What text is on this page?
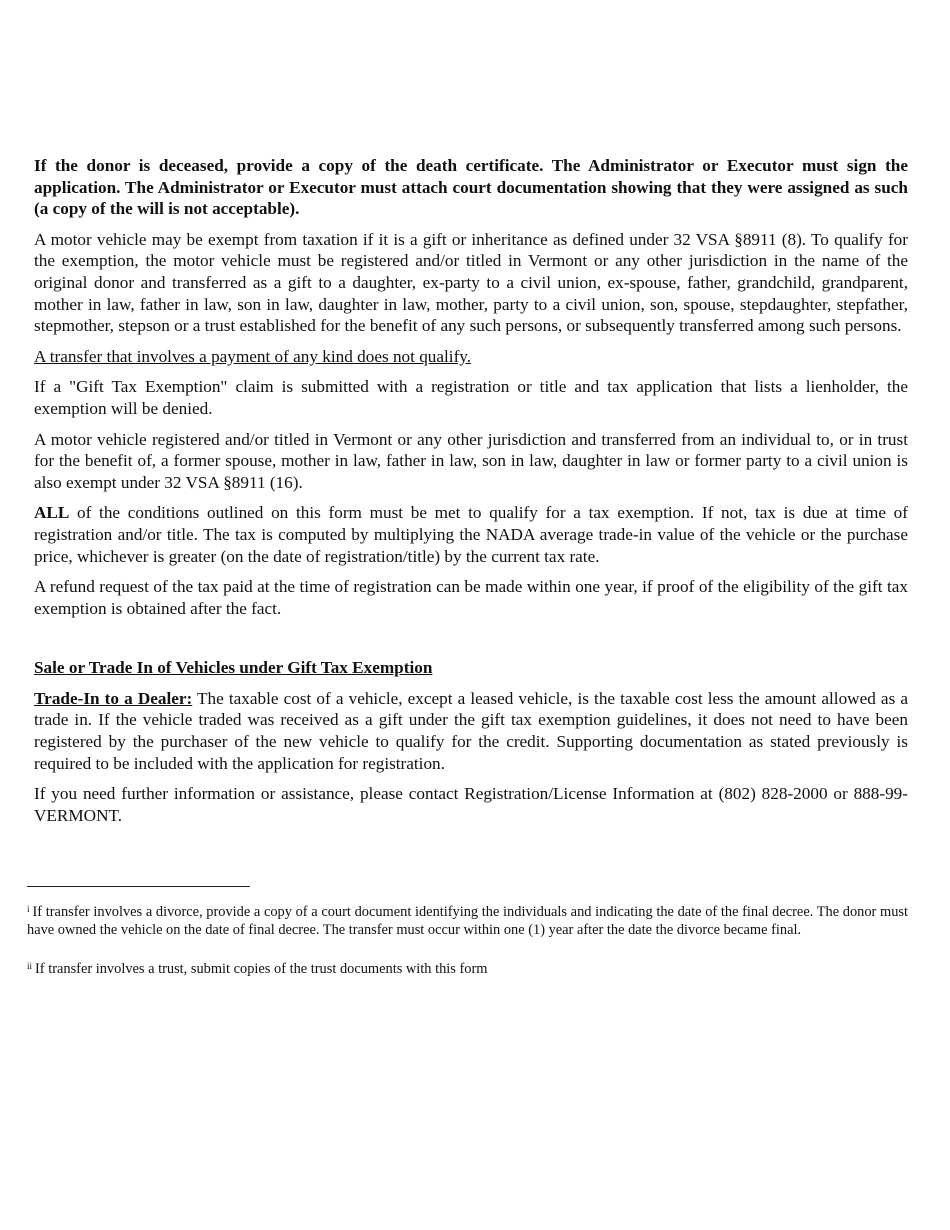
If the donor is deceased, provide a copy of the death certificate. The Administrator or Executor must sign the application. The Administrator or Executor must attach court documentation showing that they were assigned as such (a copy of the will is not acceptable).

A motor vehicle may be exempt from taxation if it is a gift or inheritance as defined under 32 VSA §8911 (8). To qualify for the exemption, the motor vehicle must be registered and/or titled in Vermont or any other jurisdiction in the name of the original donor and transferred as a gift to a daughter, ex-party to a civil union, ex-spouse, father, grandchild, grandparent, mother in law, father in law, son in law, daughter in law, mother, party to a civil union, son, spouse, stepdaughter, stepfather, stepmother, stepson or a trust established for the benefit of any such persons, or subsequently transferred among such persons.

A transfer that involves a payment of any kind does not qualify.

If a "Gift Tax Exemption" claim is submitted with a registration or title and tax application that lists a lienholder, the exemption will be denied.

A motor vehicle registered and/or titled in Vermont or any other jurisdiction and transferred from an individual to, or in trust for the benefit of, a former spouse, mother in law, father in law, son in law, daughter in law or former party to a civil union is also exempt under 32 VSA §8911 (16).

ALL of the conditions outlined on this form must be met to qualify for a tax exemption. If not, tax is due at time of registration and/or title. The tax is computed by multiplying the NADA average trade-in value of the vehicle or the purchase price, whichever is greater (on the date of registration/title) by the current tax rate.

A refund request of the tax paid at the time of registration can be made within one year, if proof of the eligibility of the gift tax exemption is obtained after the fact.

Sale or Trade In of Vehicles under Gift Tax Exemption

Trade-In to a Dealer: The taxable cost of a vehicle, except a leased vehicle, is the taxable cost less the amount allowed as a trade in. If the vehicle traded was received as a gift under the gift tax exemption guidelines, it does not need to have been registered by the purchaser of the new vehicle to qualify for the credit. Supporting documentation as stated previously is required to be included with the application for registration.

If you need further information or assistance, please contact Registration/License Information at (802) 828-2000 or 888-99-VERMONT.

$^i$ If transfer involves a divorce, provide a copy of a court document identifying the individuals and indicating the date of the final decree. The donor must have owned the vehicle on the date of final decree. The transfer must occur within one (1) year after the date the divorce became final.

$^{ii}$ If transfer involves a trust, submit copies of the trust documents with this form
